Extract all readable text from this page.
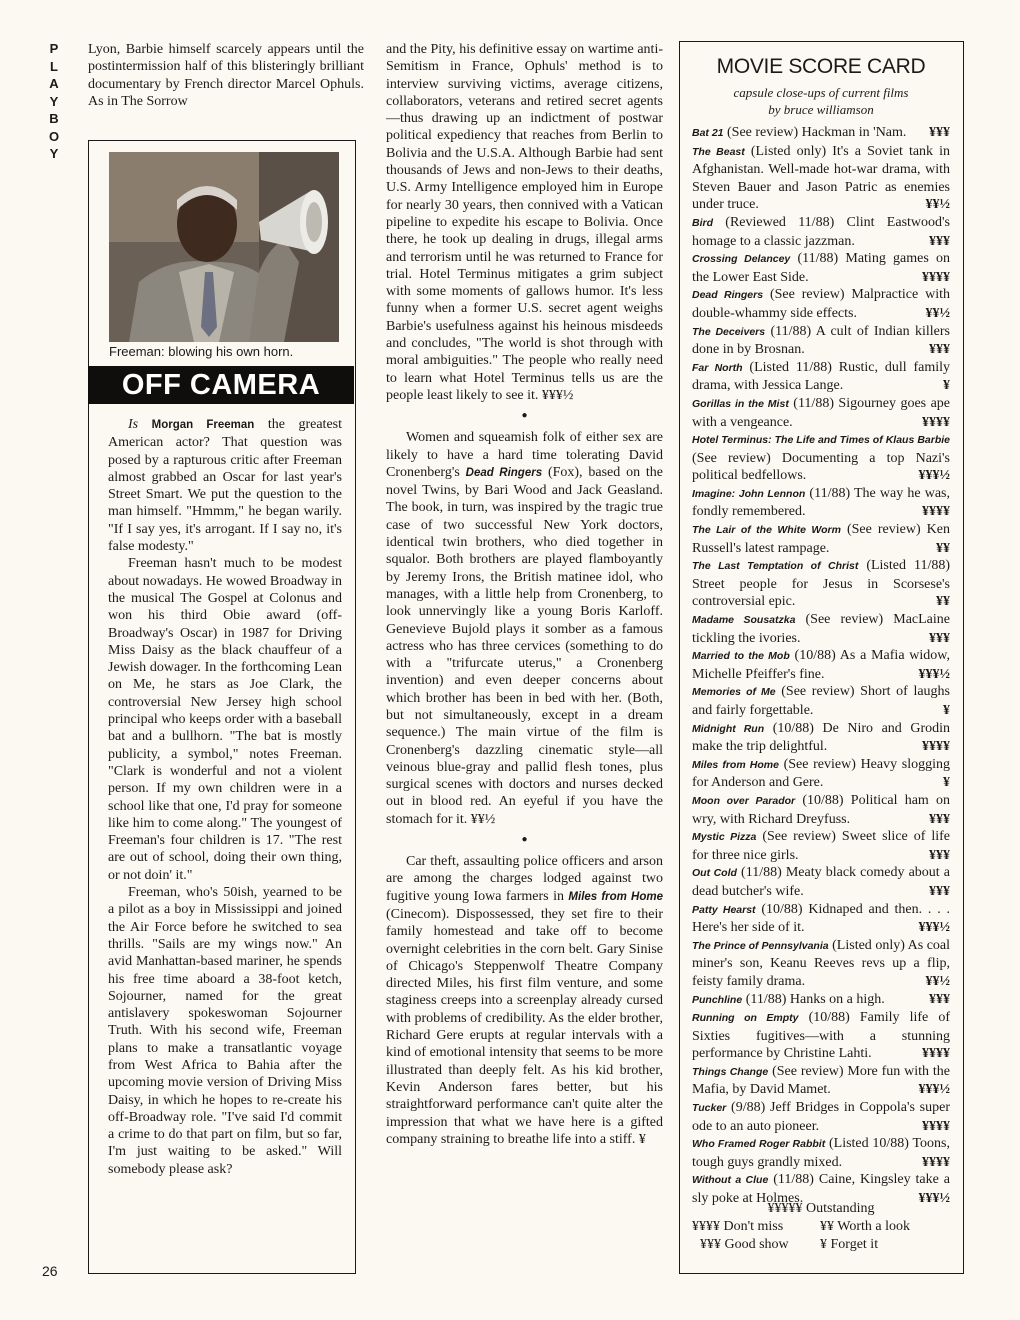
P
L
A
Y
B
O
Y
26

Lyon, Barbie himself scarcely appears until the postintermission half of this blisteringly brilliant documentary by French director Marcel Ophuls. As in The Sorrow

Freeman: blowing his own horn.
OFF CAMERA

Is Morgan Freeman the greatest American actor? That question was posed by a rapturous critic after Freeman almost grabbed an Oscar for last year's Street Smart. We put the question to the man himself. "Hmmm," he began warily. "If I say yes, it's arrogant. If I say no, it's false modesty."

Freeman hasn't much to be modest about nowadays. He wowed Broadway in the musical The Gospel at Colonus and won his third Obie award (off-Broadway's Oscar) in 1987 for Driving Miss Daisy as the black chauffeur of a Jewish dowager. In the forthcoming Lean on Me, he stars as Joe Clark, the controversial New Jersey high school principal who keeps order with a baseball bat and a bullhorn. "The bat is mostly publicity, a symbol," notes Freeman. "Clark is wonderful and not a violent person. If my own children were in a school like that one, I'd pray for someone like him to come along." The youngest of Freeman's four children is 17. "The rest are out of school, doing their own thing, or not doin' it."

Freeman, who's 50ish, yearned to be a pilot as a boy in Mississippi and joined the Air Force before he switched to sea thrills. "Sails are my wings now." An avid Manhattan-based mariner, he spends his free time aboard a 38-foot ketch, Sojourner, named for the great antislavery spokeswoman Sojourner Truth. With his second wife, Freeman plans to make a transatlantic voyage from West Africa to Bahia after the upcoming movie version of Driving Miss Daisy, in which he hopes to re-create his off-Broadway role. "I've said I'd commit a crime to do that part on film, but so far, I'm just waiting to be asked." Will somebody please ask?

and the Pity, his definitive essay on wartime anti-Semitism in France, Ophuls' method is to interview surviving victims, average citizens, collaborators, veterans and retired secret agents—thus drawing up an indictment of postwar political expediency that reaches from Berlin to Bolivia and the U.S.A. Although Barbie had sent thousands of Jews and non-Jews to their deaths, U.S. Army Intelligence employed him in Europe for nearly 30 years, then connived with a Vatican pipeline to expedite his escape to Bolivia. Once there, he took up dealing in drugs, illegal arms and terrorism until he was returned to France for trial. Hotel Terminus mitigates a grim subject with some moments of gallows humor. It's less funny when a former U.S. secret agent weighs Barbie's usefulness against his heinous misdeeds and concludes, "The world is shot through with moral ambiguities." The people who really need to learn what Hotel Terminus tells us are the people least likely to see it. ¥¥¥½

●

Women and squeamish folk of either sex are likely to have a hard time tolerating David Cronenberg's Dead Ringers (Fox), based on the novel Twins, by Bari Wood and Jack Geasland. The book, in turn, was inspired by the tragic true case of two successful New York doctors, identical twin brothers, who died together in squalor. Both brothers are played flamboyantly by Jeremy Irons, the British matinee idol, who manages, with a little help from Cronenberg, to look unnervingly like a young Boris Karloff. Genevieve Bujold plays it somber as a famous actress who has three cervices (something to do with a "trifurcate uterus," a Cronenberg invention) and even deeper concerns about which brother has been in bed with her. (Both, but not simultaneously, except in a dream sequence.) The main virtue of the film is Cronenberg's dazzling cinematic style—all veinous blue-gray and pallid flesh tones, plus surgical scenes with doctors and nurses decked out in blood red. An eyeful if you have the stomach for it. ¥¥½

●

Car theft, assaulting police officers and arson are among the charges lodged against two fugitive young Iowa farmers in Miles from Home (Cinecom). Dispossessed, they set fire to their family homestead and take off to become overnight celebrities in the corn belt. Gary Sinise of Chicago's Steppenwolf Theatre Company directed Miles, his first film venture, and some staginess creeps into a screenplay already cursed with problems of credibility. As the elder brother, Richard Gere erupts at regular intervals with a kind of emotional intensity that seems to be more illustrated than deeply felt. As his kid brother, Kevin Anderson fares better, but his straightforward performance can't quite alter the impression that what we have here is a gifted company straining to breathe life into a stiff. ¥

MOVIE SCORE CARD
capsule close-ups of current films
by bruce williamson

Bat 21 (See review) Hackman in 'Nam. ¥¥¥

The Beast (Listed only) It's a Soviet tank in Afghanistan. Well-made hot-war drama, with Steven Bauer and Jason Patric as enemies under truce.	¥¥½

Bird (Reviewed 11/88) Clint Eastwood's homage to a classic jazzman.	¥¥¥

Crossing Delancey (11/88) Mating games on the Lower East Side.	¥¥¥¥

Dead Ringers (See review) Malpractice with double-whammy side effects.	¥¥½

The Deceivers (11/88) A cult of Indian killers done in by Brosnan.	¥¥¥

Far North (Listed 11/88) Rustic, dull family drama, with Jessica Lange.	¥

Gorillas in the Mist (11/88) Sigourney goes ape with a vengeance.	¥¥¥¥

Hotel Terminus: The Life and Times of Klaus Barbie (See review) Documenting a top Nazi's political bedfellows.	¥¥¥½

Imagine: John Lennon (11/88) The way he was, fondly remembered.	¥¥¥¥

The Lair of the White Worm (See review) Ken Russell's latest rampage.	¥¥

The Last Temptation of Christ (Listed 11/88) Street people for Jesus in Scorsese's controversial epic.	¥¥

Madame Sousatzka (See review) MacLaine tickling the ivories.	¥¥¥

Married to the Mob (10/88) As a Mafia widow, Michelle Pfeiffer's fine.	¥¥¥½

Memories of Me (See review) Short of laughs and fairly forgettable.	¥

Midnight Run (10/88) De Niro and Grodin make the trip delightful.	¥¥¥¥

Miles from Home (See review) Heavy slogging for Anderson and Gere.	¥

Moon over Parador (10/88) Political ham on wry, with Richard Dreyfuss.	¥¥¥

Mystic Pizza (See review) Sweet slice of life for three nice girls.	¥¥¥

Out Cold (11/88) Meaty black comedy about a dead butcher's wife.	¥¥¥

Patty Hearst (10/88) Kidnaped and then. . . . Here's her side of it.	¥¥¥½

The Prince of Pennsylvania (Listed only) As coal miner's son, Keanu Reeves revs up a flip, feisty family drama.	¥¥½

Punchline (11/88) Hanks on a high.	¥¥¥

Running on Empty (10/88) Family life of Sixties fugitives—with a stunning performance by Christine Lahti.	¥¥¥¥

Things Change (See review) More fun with the Mafia, by David Mamet.	¥¥¥½

Tucker (9/88) Jeff Bridges in Coppola's super ode to an auto pioneer.	¥¥¥¥

Who Framed Roger Rabbit (Listed 10/88) Toons, tough guys grandly mixed.	¥¥¥¥

Without a Clue (11/88) Caine, Kingsley take a sly poke at Holmes.	¥¥¥½

¥¥¥¥¥ Outstanding
¥¥¥¥ Don't miss	¥¥ Worth a look
¥¥¥ Good show	¥ Forget it
